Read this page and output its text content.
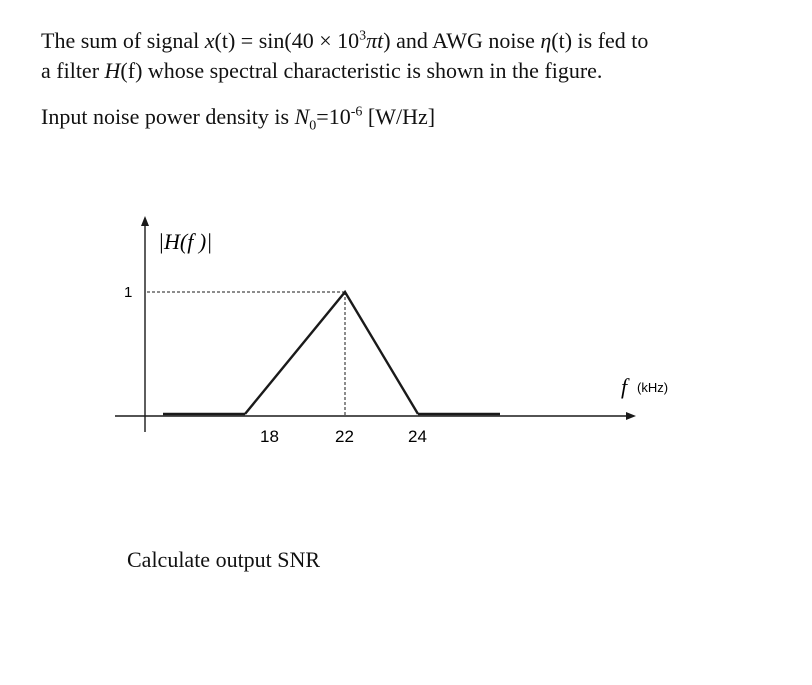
The sum of signal $x(t) = \sin(40 \times 10^3\pi t)$ and AWG noise η(t) is fed to

a filter H(f) whose spectral characteristic is shown in the figure.

Input noise power density is $N_0=10^{-6}$ [W/Hz]

|H(f )|
1
18	22	24
f (kHz)

Calculate output SNR
